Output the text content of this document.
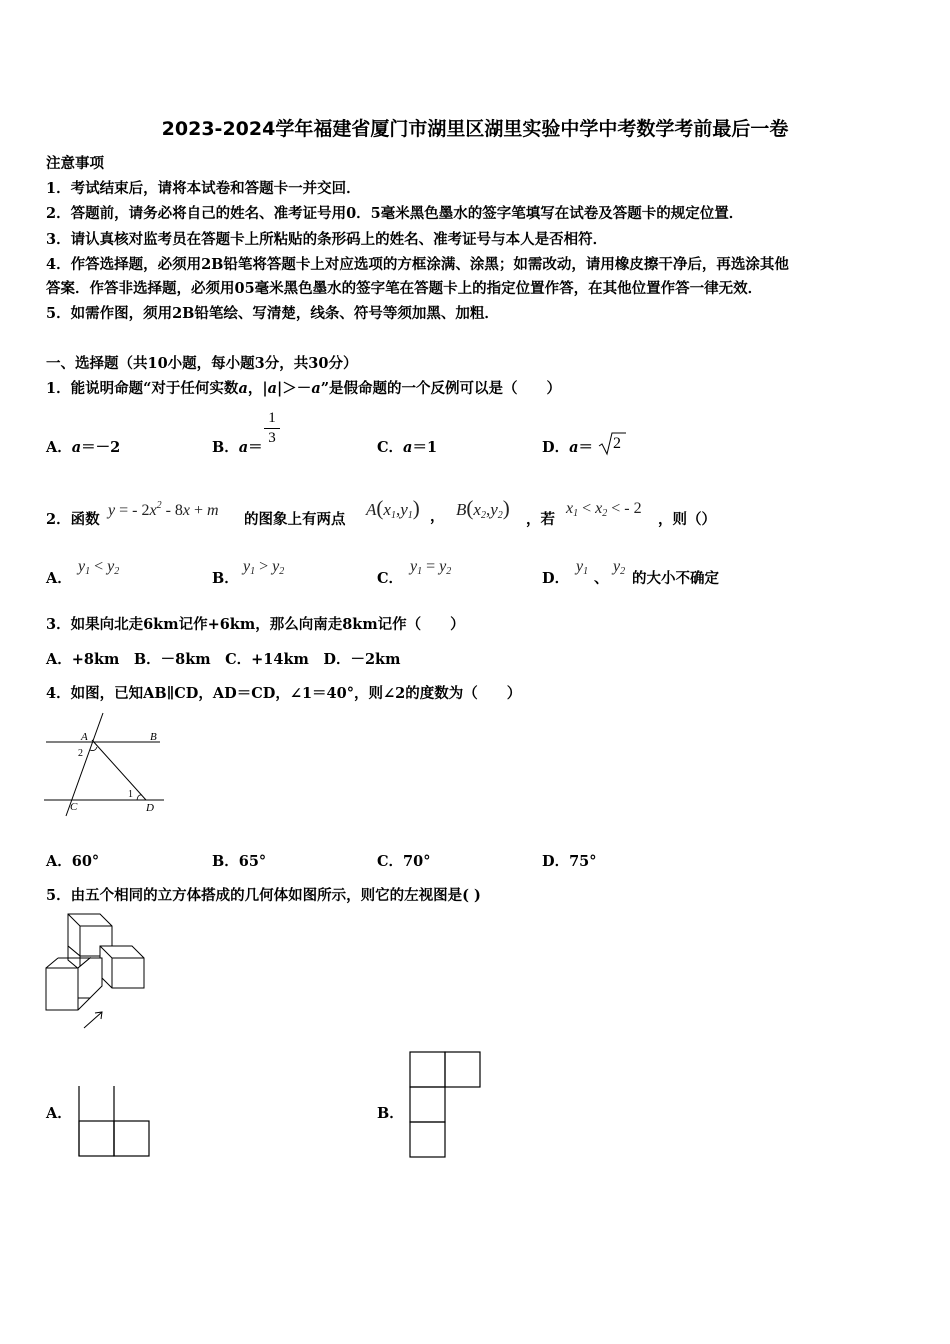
2023-2024学年福建省厦门市湖里区湖里实验中学中考数学考前最后一卷
注意事项
1．考试结束后，请将本试卷和答题卡一并交回．
2．答题前，请务必将自己的姓名、准考证号用0．5毫米黑色墨水的签字笔填写在试卷及答题卡的规定位置．
3．请认真核对监考员在答题卡上所粘贴的条形码上的姓名、准考证号与本人是否相符．
4．作答选择题，必须用2B铅笔将答题卡上对应选项的方框涂满、涂黑；如需改动，请用橡皮擦干净后，再选涂其他
答案．作答非选择题，必须用05毫米黑色墨水的签字笔在答题卡上的指定位置作答，在其他位置作答一律无效．
5．如需作图，须用2B铅笔绘、写清楚，线条、符号等须加黑、加粗．
一、选择题（共10小题，每小题3分，共30分）
1．能说明命题“对于任何实数a，|a|＞－a”是假命题的一个反例可以是（　　）
A．a＝－2	B．a＝
1
3
C．a＝1	D．a＝ 2
2．函数
y = - $2x^2 - 8x + m$
的图象上有两点
$A(x_1,y_1)$ ， $B(x_2,y_2)$ ，若
$x_1 < x_2$ < - 2
，则（）
A．
$y_1 < y_2$	B．
$y_1 > y_2$	C．
$y_1 = y_2$	D．
$y_1$ 、
$y_2$ 的大小不确定
3．如果向北走6km记作+6km，那么向南走8km记作（　　）
A．+8km　B．－8km　C．+14km　D．－2km
4．如图，已知AB∥CD，AD＝CD，∠1＝40°，则∠2的度数为（　　）
A	B
C	D
1
2
A．60°	B．65°	C．70°	D．75°
5．由五个相同的立方体搭成的几何体如图所示，则它的左视图是( )
A．	B．
